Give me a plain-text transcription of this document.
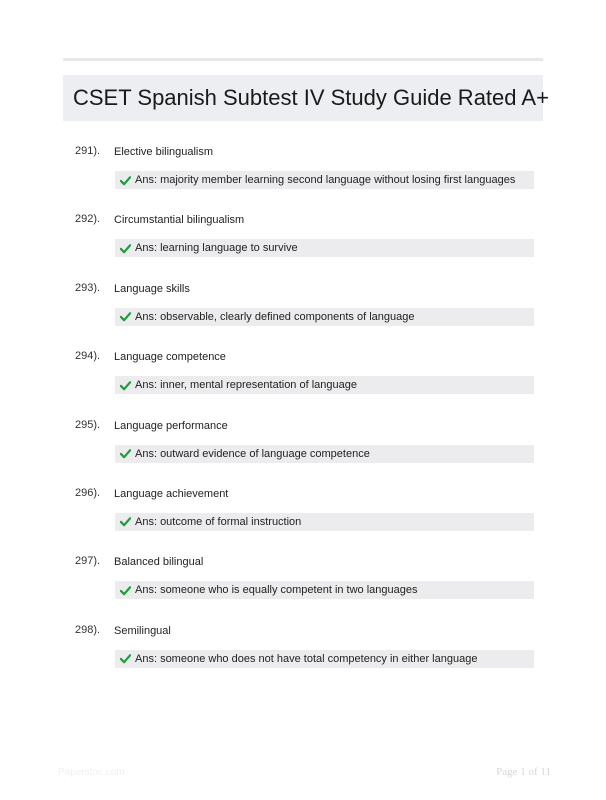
CSET Spanish Subtest IV Study Guide Rated A+
291). Elective bilingualism
Ans: majority member learning second language without losing first languages
292). Circumstantial bilingualism
Ans: learning language to survive
293). Language skills
Ans: observable, clearly defined components of language
294). Language competence
Ans: inner, mental representation of language
295). Language performance
Ans: outward evidence of language competence
296). Language achievement
Ans: outcome of formal instruction
297). Balanced bilingual
Ans: someone who is equally competent in two languages
298). Semilingual
Ans: someone who does not have total competency in either language
Paperstoc.com	Page 1 of 11
